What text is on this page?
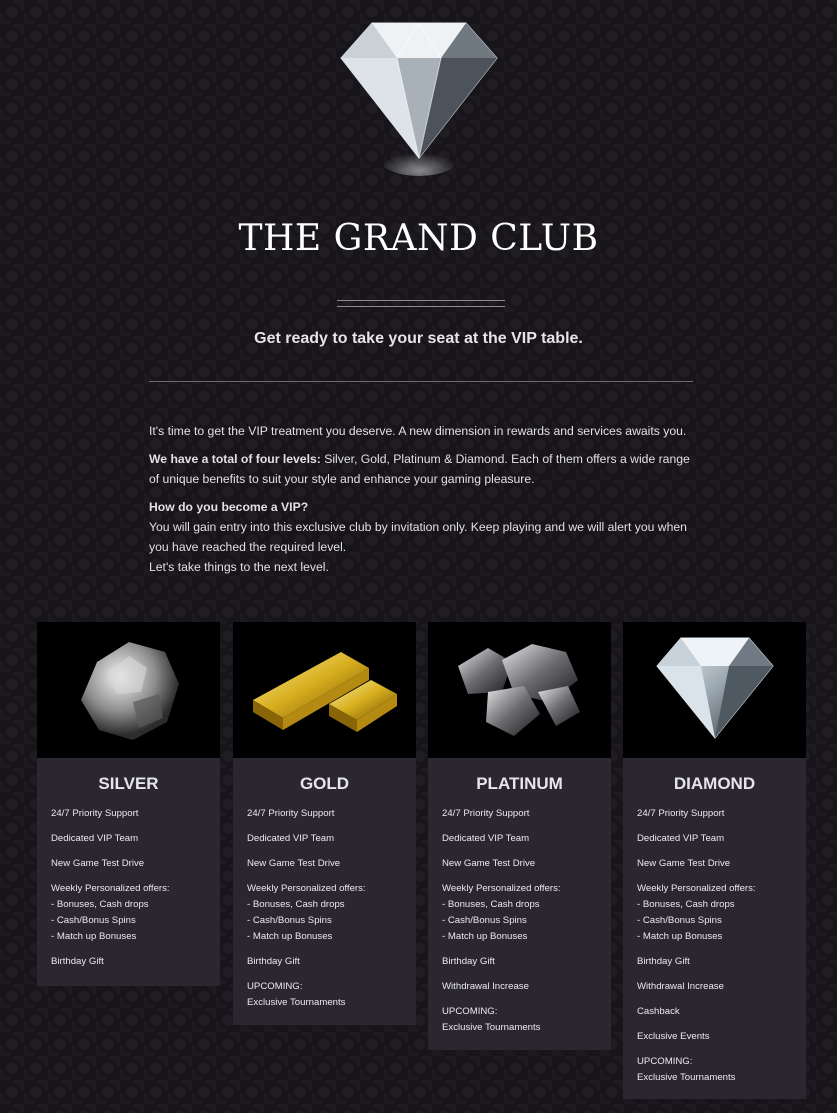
THE GRAND CLUB
Get ready to take your seat at the VIP table.

It's time to get the VIP treatment you deserve. A new dimension in rewards and services awaits you.

We have a total of four levels: Silver, Gold, Platinum & Diamond. Each of them offers a wide range of unique benefits to suit your style and enhance your gaming pleasure.

How do you become a VIP?
You will gain entry into this exclusive club by invitation only. Keep playing and we will alert you when you have reached the required level.
Let's take things to the next level.

SILVER
24/7 Priority Support
Dedicated VIP Team
New Game Test Drive
Weekly Personalized offers:
- Bonuses, Cash drops
- Cash/Bonus Spins
- Match up Bonuses
Birthday Gift
GOLD
24/7 Priority Support
Dedicated VIP Team
New Game Test Drive
Weekly Personalized offers:
- Bonuses, Cash drops
- Cash/Bonus Spins
- Match up Bonuses
Birthday Gift
UPCOMING:
Exclusive Tournaments
PLATINUM
24/7 Priority Support
Dedicated VIP Team
New Game Test Drive
Weekly Personalized offers:
- Bonuses, Cash drops
- Cash/Bonus Spins
- Match up Bonuses
Birthday Gift
Withdrawal Increase
UPCOMING:
Exclusive Tournaments
DIAMOND
24/7 Priority Support
Dedicated VIP Team
New Game Test Drive
Weekly Personalized offers:
- Bonuses, Cash drops
- Cash/Bonus Spins
- Match up Bonuses
Birthday Gift
Withdrawal Increase
Cashback
Exclusive Events
UPCOMING:
Exclusive Tournaments
